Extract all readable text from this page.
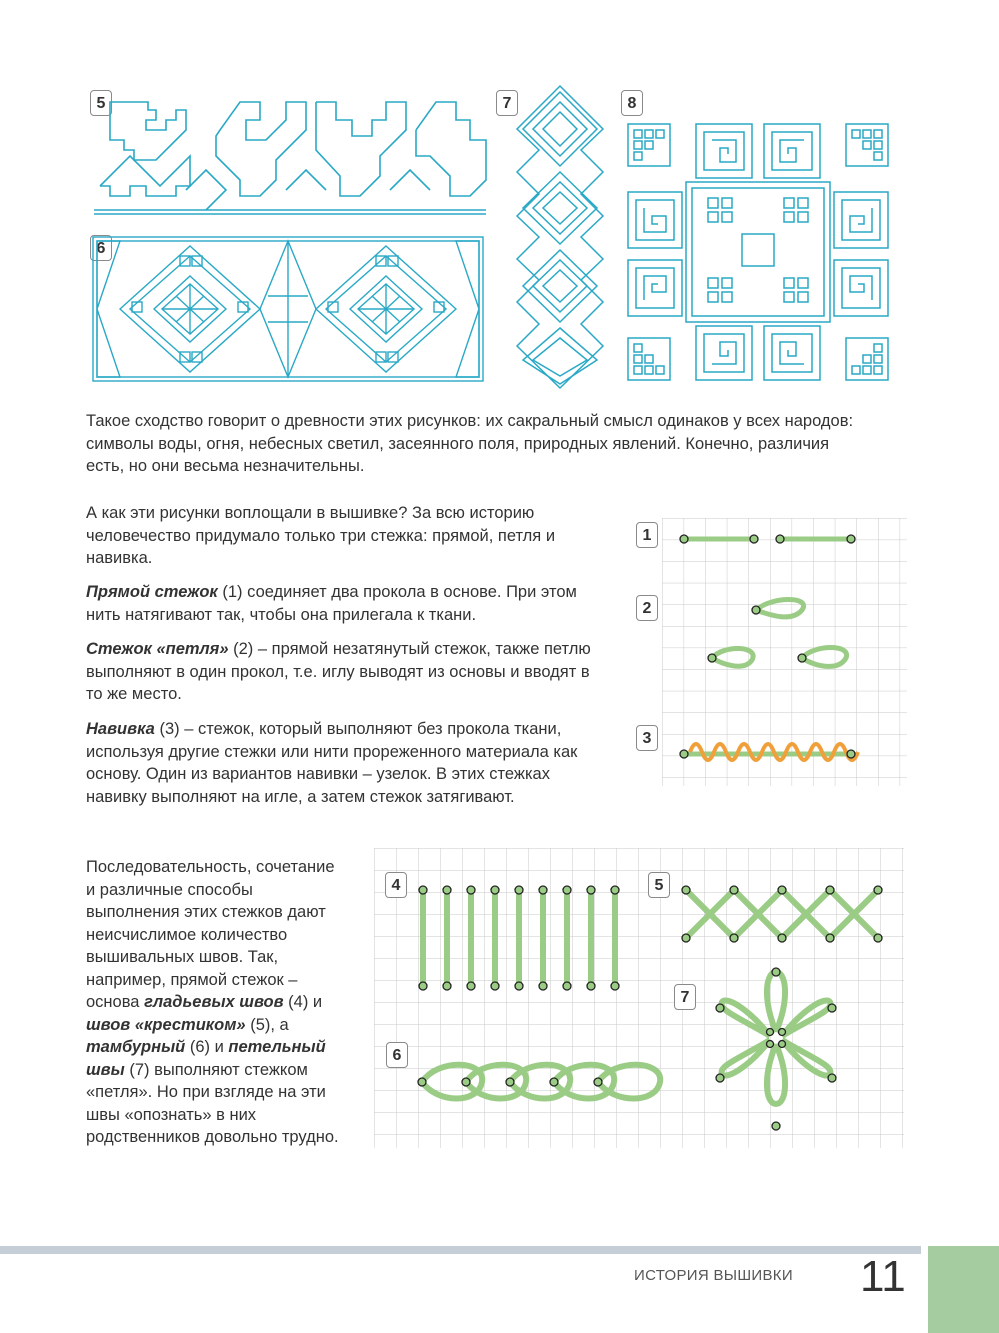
5
6
7	8

Такое сходство говорит о древности этих рисунков: их сакральный смысл одинаков у всех народов: символы воды, огня, небесных светил, засеянного поля, природных явлений. Конечно, различия есть, но они весьма незначительны.

А как эти рисунки воплощали в вышивке? За всю историю человечество придумало только три стежка: прямой, петля и навивка.

Прямой стежок (1) соединяет два прокола в основе. При этом нить натягивают так, чтобы она прилегала к ткани.

Стежок «петля» (2) – прямой незатянутый стежок, также петлю выполняют в один прокол, т.е. иглу выводят из основы и вводят в то же место.

Навивка (3) – стежок, который выполняют без прокола ткани, используя другие стежки или нити прореженного материала как основу. Один из вариантов навивки – узелок. В этих стежках навивку выполняют на игле, а затем стежок затягивают.

1
2
3

Последовательность, сочетание и различные способы выполнения этих стежков дают неисчислимое количество вышивальных швов. Так, например, прямой стежок – основа гладьевых швов (4) и швов «крестиком» (5), а тамбурный (6) и петельный швы (7) выполняют стежком «петля». Но при взгляде на эти швы «опознать» в них родственников довольно трудно.

4	5
7
6
ИСТОРИЯ ВЫШИВКИ 11
